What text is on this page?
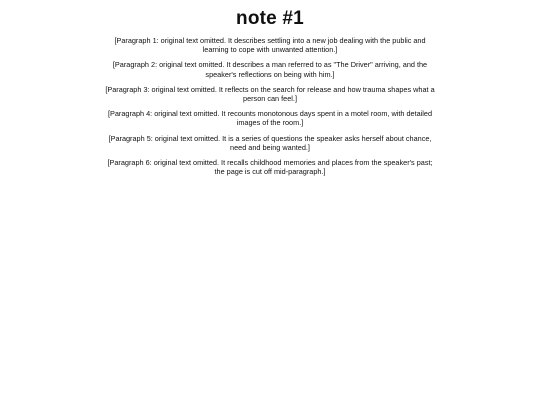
note #1

[Paragraph 1: original text omitted. It describes settling into a new job dealing with the public and learning to cope with unwanted attention.]

[Paragraph 2: original text omitted. It describes a man referred to as "The Driver" arriving, and the speaker's reflections on being with him.]

[Paragraph 3: original text omitted. It reflects on the search for release and how trauma shapes what a person can feel.]

[Paragraph 4: original text omitted. It recounts monotonous days spent in a motel room, with detailed images of the room.]

[Paragraph 5: original text omitted. It is a series of questions the speaker asks herself about chance, need and being wanted.]

[Paragraph 6: original text omitted. It recalls childhood memories and places from the speaker's past; the page is cut off mid-paragraph.]
